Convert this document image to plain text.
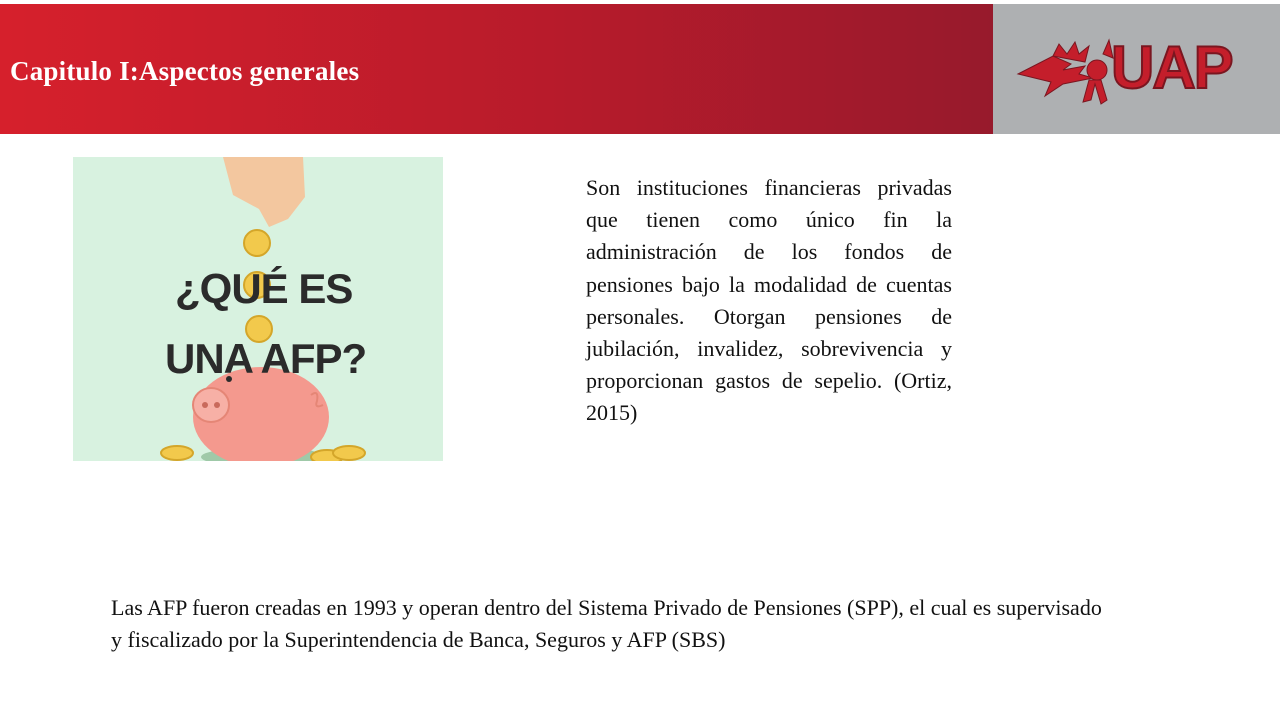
Capitulo I:Aspectos generales	UAP
¿QUÉ ES
UNA AFP?
Son instituciones financieras privadas que tienen como único fin la administración de los fondos de pensiones bajo la modalidad de cuentas personales. Otorgan pensiones de jubilación, invalidez, sobrevivencia y proporcionan gastos de sepelio. (Ortiz, 2015)
Las AFP fueron creadas en 1993 y operan dentro del Sistema Privado de Pensiones (SPP), el cual es supervisado y fiscalizado por la Superintendencia de Banca, Seguros y AFP (SBS)
